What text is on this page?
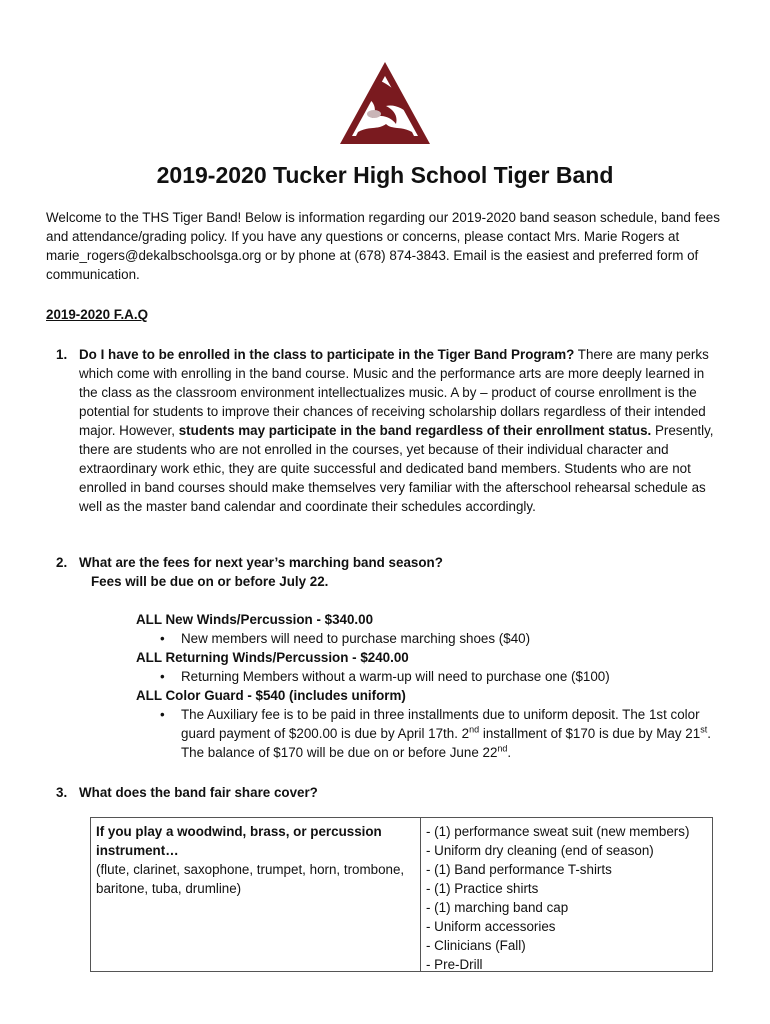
2019-2020 Tucker High School Tiger Band

Welcome to the THS Tiger Band! Below is information regarding our 2019-2020 band season schedule, band fees and attendance/grading policy. If you have any questions or concerns, please contact Mrs. Marie Rogers at marie_rogers@dekalbschoolsga.org or by phone at (678) 874-3843. Email is the easiest and preferred form of communication.

2019-2020 F.A.Q
1. Do I have to be enrolled in the class to participate in the Tiger Band Program? There are many perks which come with enrolling in the band course. Music and the performance arts are more deeply learned in the class as the classroom environment intellectualizes music. A by – product of course enrollment is the potential for students to improve their chances of receiving scholarship dollars regardless of their intended major. However, students may participate in the band regardless of their enrollment status. Presently, there are students who are not enrolled in the courses, yet because of their individual character and extraordinary work ethic, they are quite successful and dedicated band members. Students who are not enrolled in band courses should make themselves very familiar with the afterschool rehearsal schedule as well as the master band calendar and coordinate their schedules accordingly.
2. What are the fees for next year’s marching band season?
Fees will be due on or before July 22.
ALL New Winds/Percussion - $340.00
• New members will need to purchase marching shoes ($40)
ALL Returning Winds/Percussion - $240.00
• Returning Members without a warm-up will need to purchase one ($100)
ALL Color Guard - $540 (includes uniform)
• The Auxiliary fee is to be paid in three installments due to uniform deposit. The 1st color guard payment of $200.00 is due by April 17th. 2nd installment of $170 is due by May 21st. The balance of $170 will be due on or before June 22nd.
3. What does the band fair share cover?
If you play a woodwind, brass, or percussion instrument…
(flute, clarinet, saxophone, trumpet, horn, trombone, baritone, tuba, drumline)
- (1) performance sweat suit (new members)
- Uniform dry cleaning (end of season)
- (1) Band performance T-shirts
- (1) Practice shirts
- (1) marching band cap
- Uniform accessories
- Clinicians (Fall)
- Pre-Drill
